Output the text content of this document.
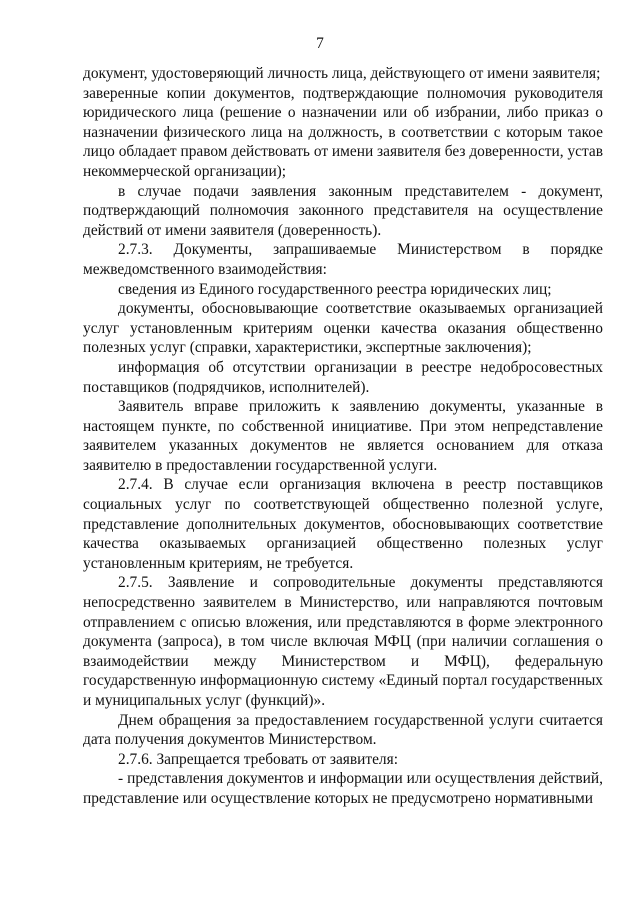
7

документ, удостоверяющий личность лица, действующего от имени заявителя;

заверенные копии документов, подтверждающие полномочия руководителя юридического лица (решение о назначении или об избрании, либо приказ о назначении физического лица на должность, в соответствии с которым такое лицо обладает правом действовать от имени заявителя без доверенности, устав некоммерческой организации);

в случае подачи заявления законным представителем - документ, подтверждающий полномочия законного представителя на осуществление действий от имени заявителя (доверенность).

2.7.3. Документы, запрашиваемые Министерством в порядке межведомственного взаимодействия:

сведения из Единого государственного реестра юридических лиц;

документы, обосновывающие соответствие оказываемых организацией услуг установленным критериям оценки качества оказания общественно полезных услуг (справки, характеристики, экспертные заключения);

информация об отсутствии организации в реестре недобросовестных поставщиков (подрядчиков, исполнителей).

Заявитель вправе приложить к заявлению документы, указанные в настоящем пункте, по собственной инициативе. При этом непредставление заявителем указанных документов не является основанием для отказа заявителю в предоставлении государственной услуги.

2.7.4. В случае если организация включена в реестр поставщиков социальных услуг по соответствующей общественно полезной услуге, представление дополнительных документов, обосновывающих соответствие качества оказываемых организацией общественно полезных услуг установленным критериям, не требуется.

2.7.5. Заявление и сопроводительные документы представляются непосредственно заявителем в Министерство, или направляются почтовым отправлением с описью вложения, или представляются в форме электронного документа (запроса), в том числе включая МФЦ (при наличии соглашения о взаимодействии между Министерством и МФЦ), федеральную государственную информационную систему «Единый портал государственных и муниципальных услуг (функций)».

Днем обращения за предоставлением государственной услуги считается дата получения документов Министерством.

2.7.6. Запрещается требовать от заявителя:

- представления документов и информации или осуществления действий, представление или осуществление которых не предусмотрено нормативными
